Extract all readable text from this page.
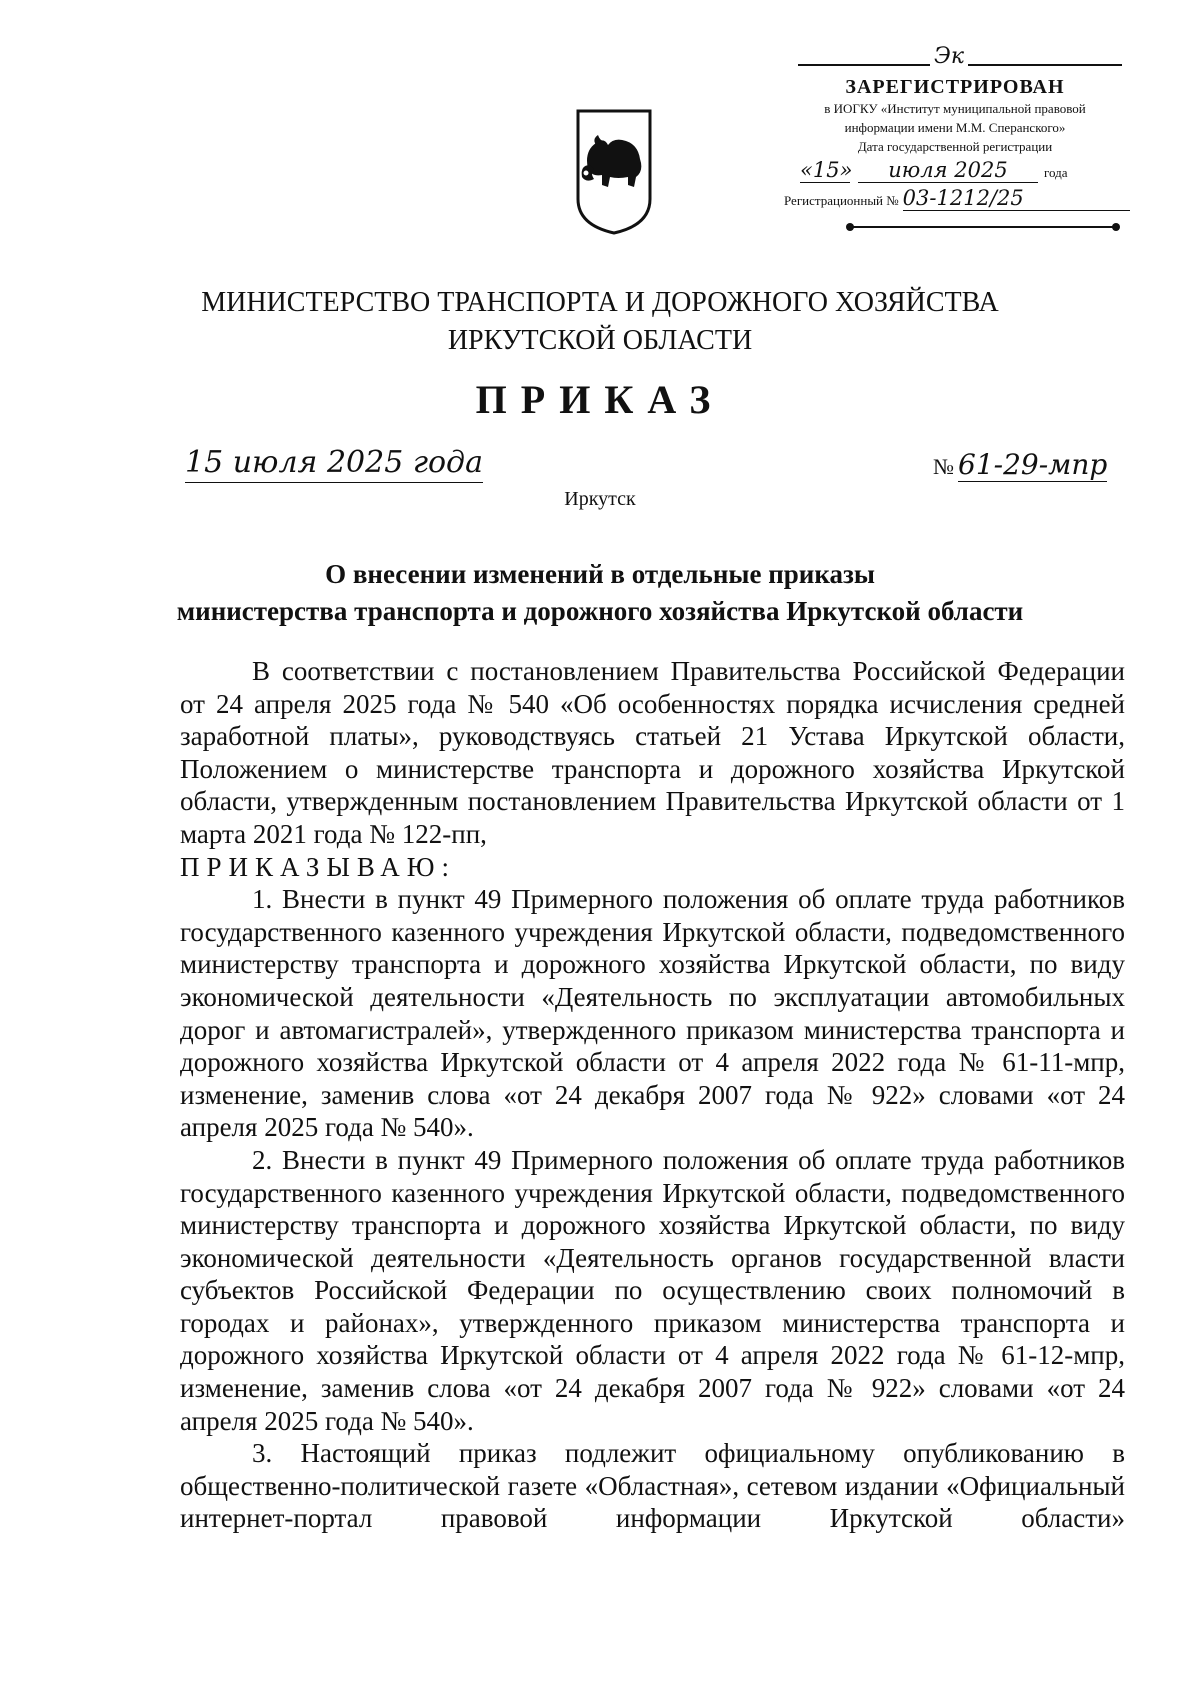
Эк
ЗАРЕГИСТРИРОВАН
в ИОГКУ «Институт муниципальной правовой
информации имени М.М. Сперанского»
Дата государственной регистрации
«15»	июля 2025	года
Регистрационный № 03-1212/25
МИНИСТЕРСТВО ТРАНСПОРТА И ДОРОЖНОГО ХОЗЯЙСТВА
ИРКУТСКОЙ ОБЛАСТИ
ПРИКАЗ
15 июля 2025 года	№ 61-29-мпр
Иркутск
О внесении изменений в отдельные приказы
министерства транспорта и дорожного хозяйства Иркутской области

В соответствии с постановлением Правительства Российской Федерации от 24 апреля 2025 года № 540 «Об особенностях порядка исчисления средней заработной платы», руководствуясь статьей 21 Устава Иркутской области, Положением о министерстве транспорта и дорожного хозяйства Иркутской области, утвержденным постановлением Правительства Иркутской области от 1 марта 2021 года № 122-пп,

ПРИКАЗЫВАЮ:

1. Внести в пункт 49 Примерного положения об оплате труда работников государственного казенного учреждения Иркутской области, подведомственного министерству транспорта и дорожного хозяйства Иркутской области, по виду экономической деятельности «Деятельность по эксплуатации автомобильных дорог и автомагистралей», утвержденного приказом министерства транспорта и дорожного хозяйства Иркутской области от 4 апреля 2022 года № 61-11-мпр, изменение, заменив слова «от 24 декабря 2007 года № 922» словами «от 24 апреля 2025 года № 540».

2. Внести в пункт 49 Примерного положения об оплате труда работников государственного казенного учреждения Иркутской области, подведомственного министерству транспорта и дорожного хозяйства Иркутской области, по виду экономической деятельности «Деятельность органов государственной власти субъектов Российской Федерации по осуществлению своих полномочий в городах и районах», утвержденного приказом министерства транспорта и дорожного хозяйства Иркутской области от 4 апреля 2022 года № 61-12-мпр, изменение, заменив слова «от 24 декабря 2007 года № 922» словами «от 24 апреля 2025 года № 540».

3. Настоящий приказ подлежит официальному опубликованию в общественно-политической газете «Областная», сетевом издании «Официальный интернет-портал правовой информации Иркутской области»
